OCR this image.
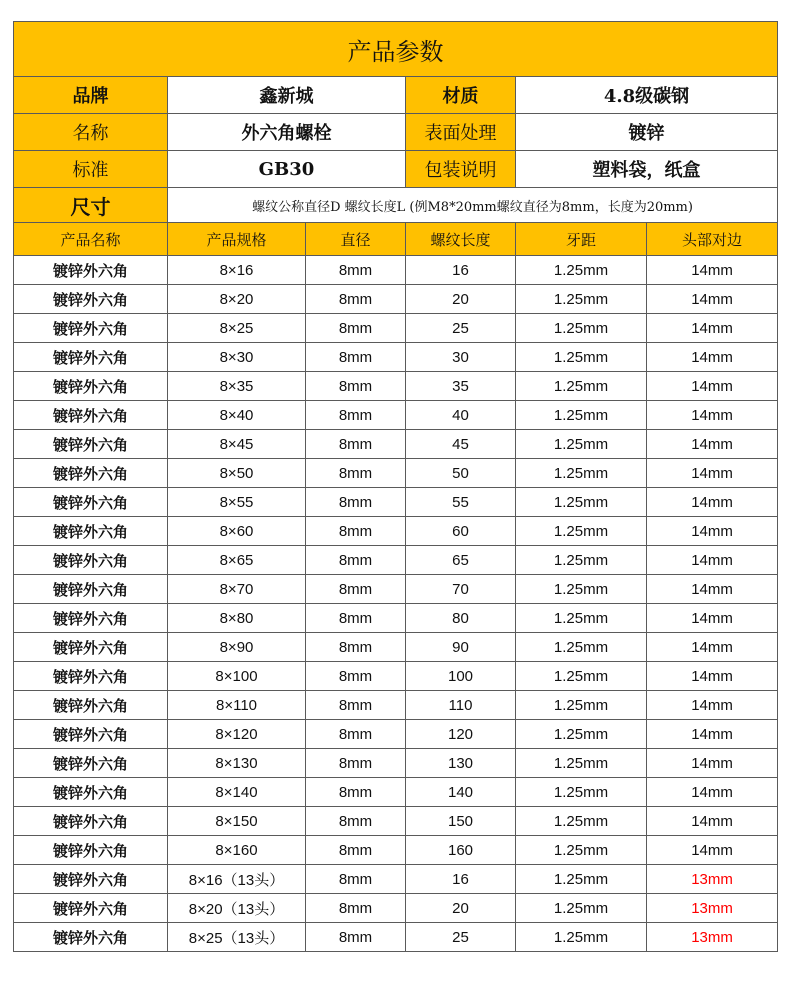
产品参数					
品牌	鑫新城		材质	4.8级碳钢	
名称	外六角螺栓		表面处理	镀锌	
标准	GB30		包装说明	塑料袋，纸盒	
尺寸	螺纹公称直径D 螺纹长度L (例M8*20mm螺纹直径为8mm，长度为20mm)				
产品名称	产品规格	直径	螺纹长度	牙距	头部对边
镀锌外六角	8×16	8mm	16	1.25mm	14mm
镀锌外六角	8×20	8mm	20	1.25mm	14mm
镀锌外六角	8×25	8mm	25	1.25mm	14mm
镀锌外六角	8×30	8mm	30	1.25mm	14mm
镀锌外六角	8×35	8mm	35	1.25mm	14mm
镀锌外六角	8×40	8mm	40	1.25mm	14mm
镀锌外六角	8×45	8mm	45	1.25mm	14mm
镀锌外六角	8×50	8mm	50	1.25mm	14mm
镀锌外六角	8×55	8mm	55	1.25mm	14mm
镀锌外六角	8×60	8mm	60	1.25mm	14mm
镀锌外六角	8×65	8mm	65	1.25mm	14mm
镀锌外六角	8×70	8mm	70	1.25mm	14mm
镀锌外六角	8×80	8mm	80	1.25mm	14mm
镀锌外六角	8×90	8mm	90	1.25mm	14mm
镀锌外六角	8×100	8mm	100	1.25mm	14mm
镀锌外六角	8×110	8mm	110	1.25mm	14mm
镀锌外六角	8×120	8mm	120	1.25mm	14mm
镀锌外六角	8×130	8mm	130	1.25mm	14mm
镀锌外六角	8×140	8mm	140	1.25mm	14mm
镀锌外六角	8×150	8mm	150	1.25mm	14mm
镀锌外六角	8×160	8mm	160	1.25mm	14mm
镀锌外六角	8×16（13头）	8mm	16	1.25mm	13mm
镀锌外六角	8×20（13头）	8mm	20	1.25mm	13mm
镀锌外六角	8×25（13头）	8mm	25	1.25mm	13mm
